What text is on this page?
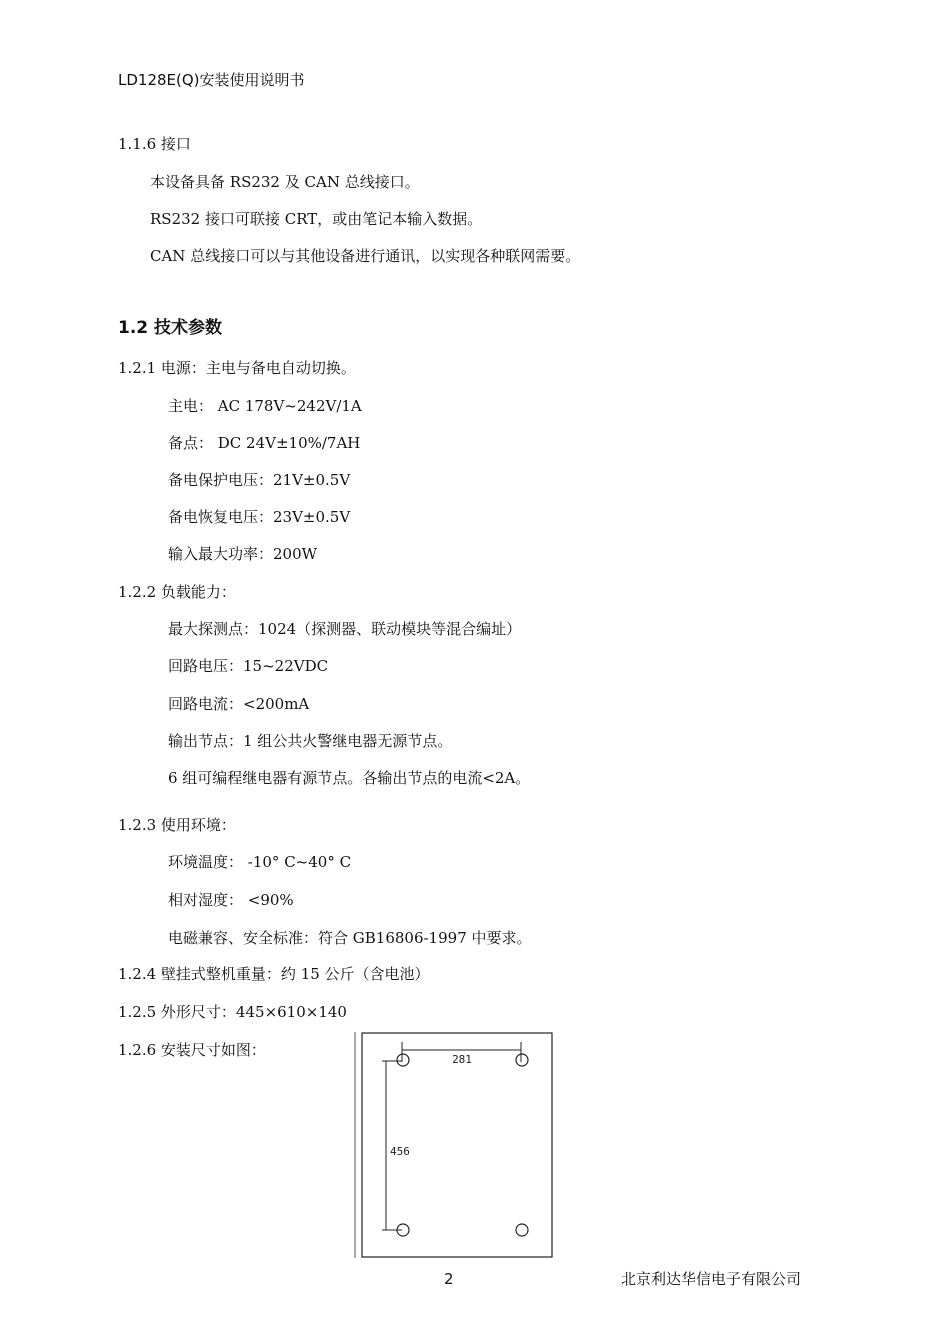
LD128E(Q)安装使用说明书
1.1.6 接口
本设备具备 RS232 及 CAN 总线接口。
RS232 接口可联接 CRT，或由笔记本输入数据。
CAN 总线接口可以与其他设备进行通讯，以实现各种联网需要。
1.2 技术参数
1.2.1 电源：主电与备电自动切换。
主电： AC 178V~242V/1A
备点： DC 24V±10%/7AH
备电保护电压：21V±0.5V
备电恢复电压：23V±0.5V
输入最大功率：200W
1.2.2 负载能力：
最大探测点：1024（探测器、联动模块等混合编址）
回路电压：15~22VDC
回路电流：<200mA
输出节点：1 组公共火警继电器无源节点。
6 组可编程继电器有源节点。各输出节点的电流<2A。
1.2.3 使用环境：
环境温度： -10° C~40° C
相对湿度： <90%
电磁兼容、安全标准：符合 GB16806-1997 中要求。
1.2.4 壁挂式整机重量：约 15 公斤（含电池）
1.2.5 外形尺寸：445×610×140
1.2.6 安装尺寸如图：
281
456
2	北京利达华信电子有限公司
